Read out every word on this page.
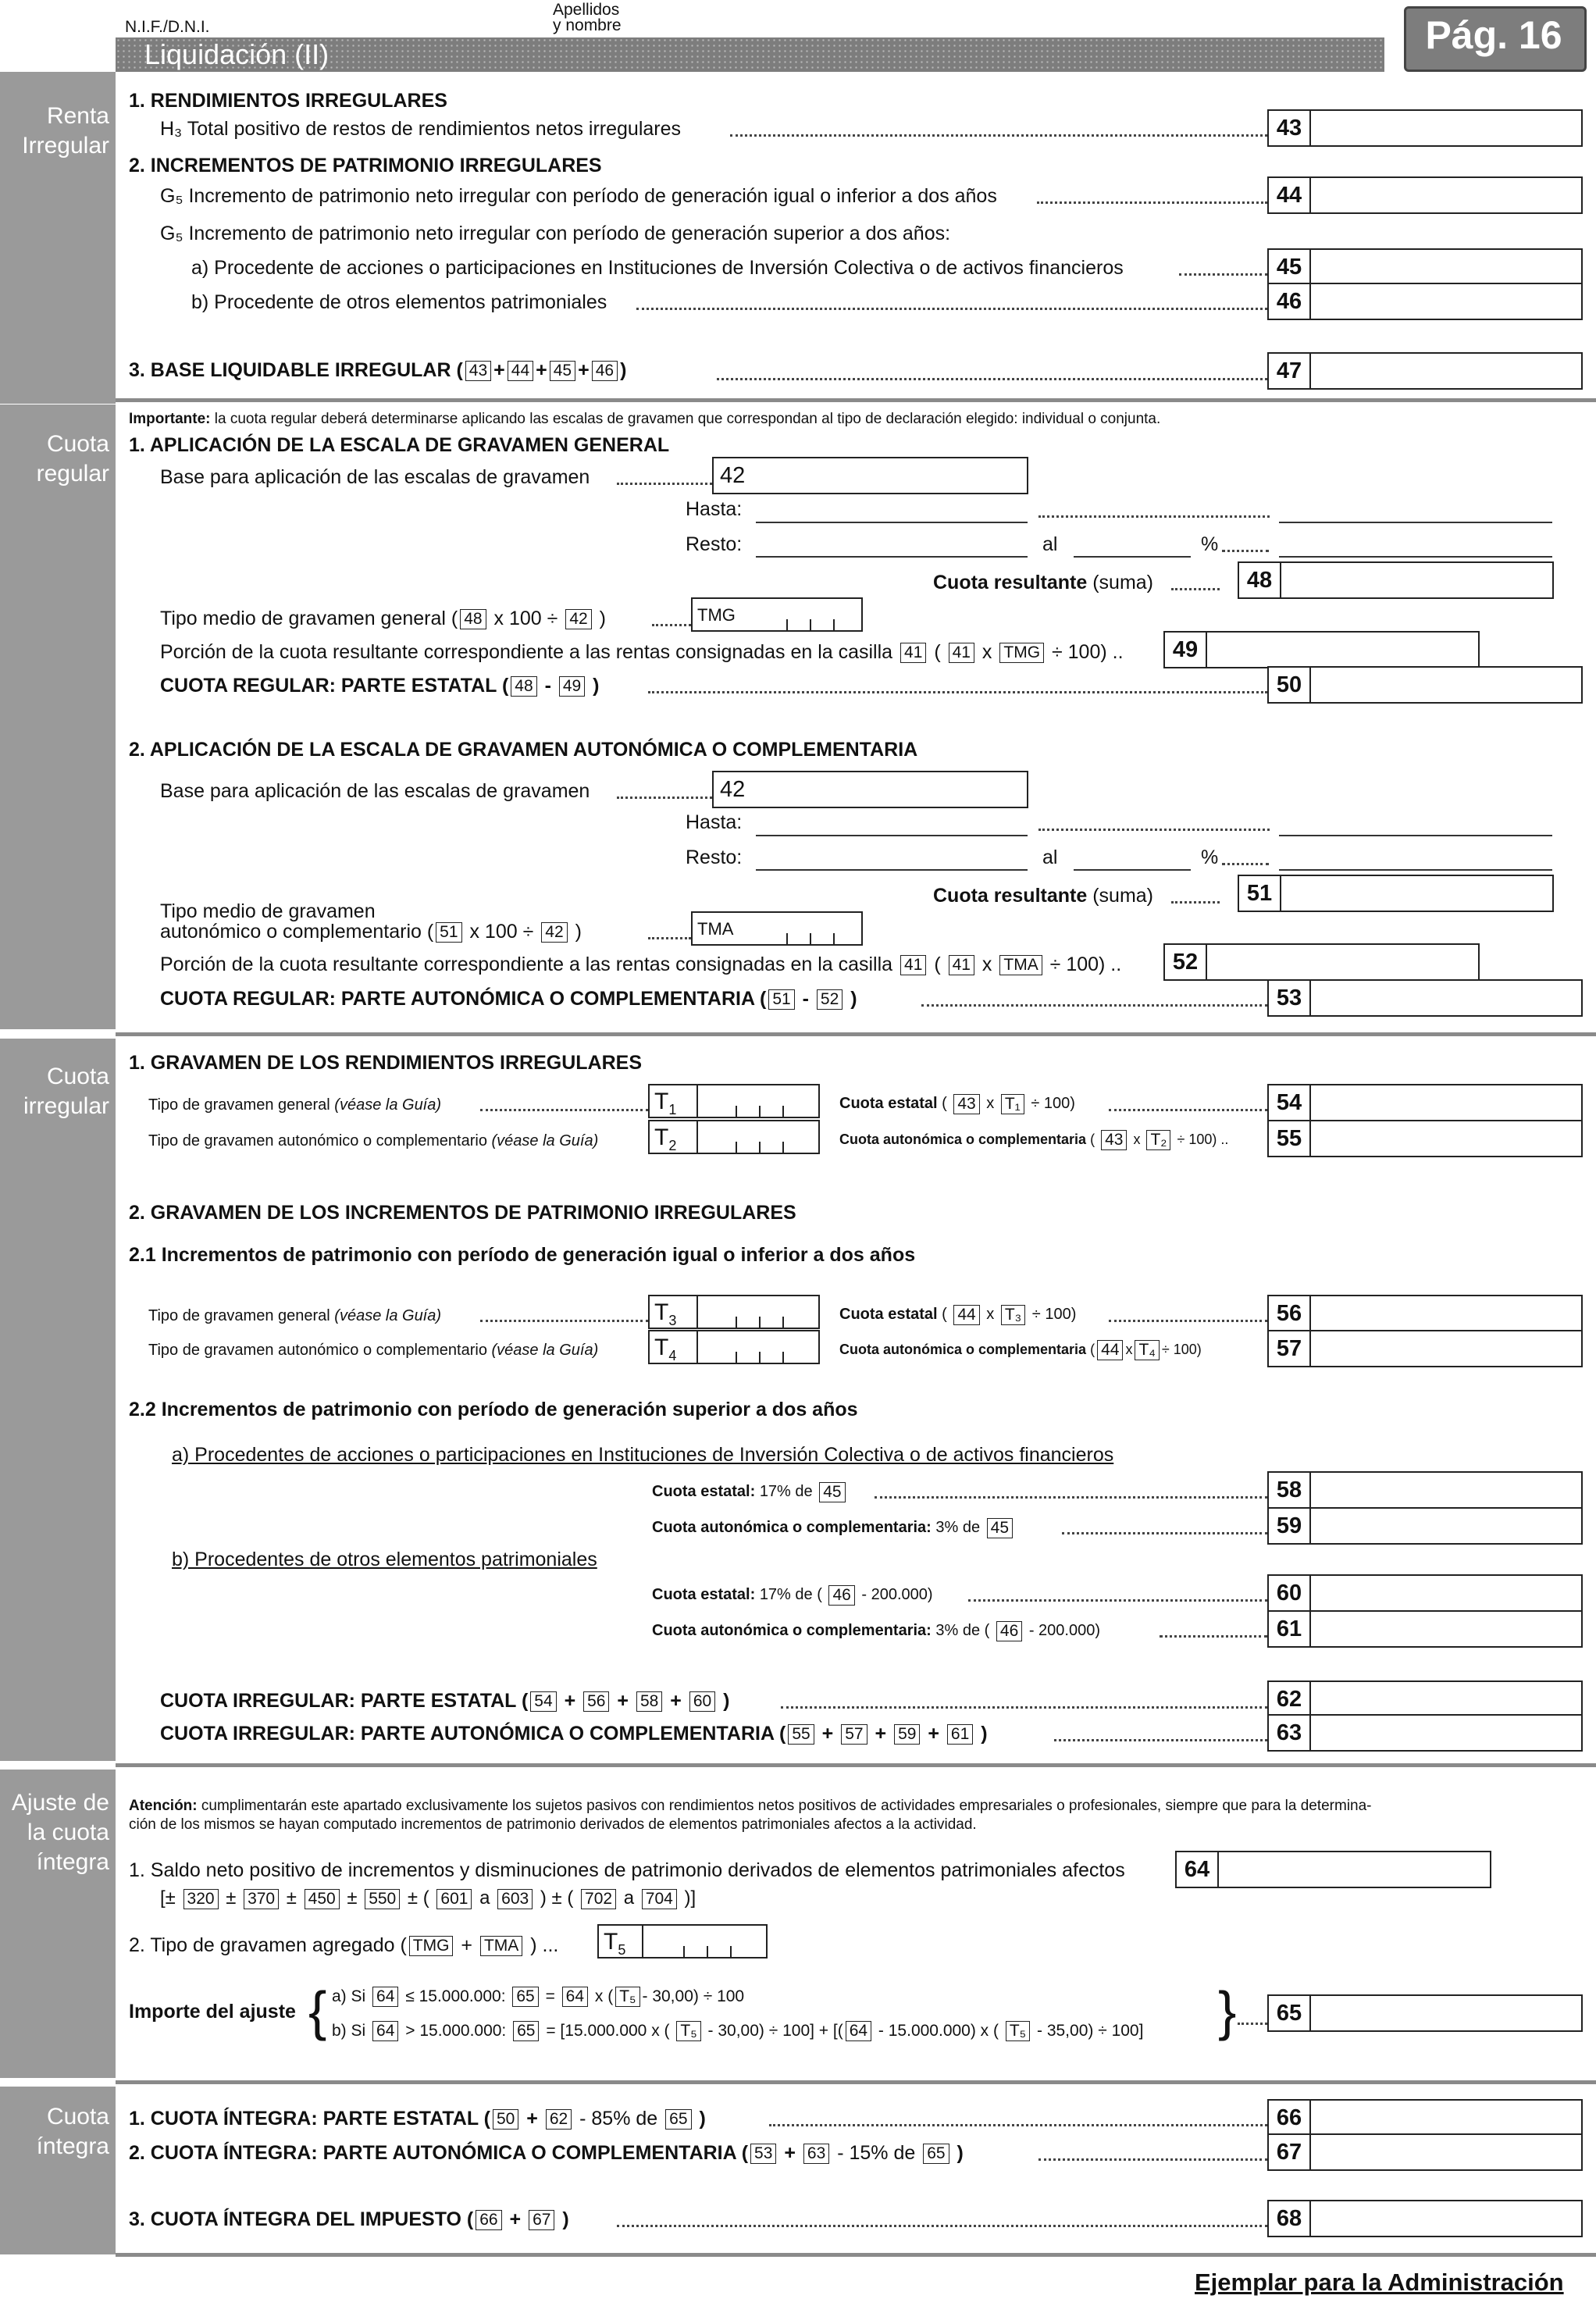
N.I.F./D.N.I.
Apellidos
y nombre
Liquidación (II)	Pág. 16
Renta Irregular
Cuota regular
Cuota irregular
Ajuste de la cuota íntegra
Cuota íntegra
1. RENDIMIENTOS IRREGULARES
H₃ Total positivo de restos de rendimientos netos irregulares	43
2. INCREMENTOS DE PATRIMONIO IRREGULARES
G₅ Incremento de patrimonio neto irregular con período de generación igual o inferior a dos años	44
G₅ Incremento de patrimonio neto irregular con período de generación superior a dos años:
a) Procedente de acciones o participaciones en Instituciones de Inversión Colectiva o de activos financieros	45
b) Procedente de otros elementos patrimoniales	46
3. BASE LIQUIDABLE IRREGULAR ( 43 + 44 + 45 + 46 )	47
Importante: la cuota regular deberá determinarse aplicando las escalas de gravamen que correspondan al tipo de declaración elegido: individual o conjunta.
1. APLICACIÓN DE LA ESCALA DE GRAVAMEN GENERAL
Base para aplicación de las escalas de gravamen	42
Hasta:
Resto:	al	%
Cuota resultante (suma)	48
Tipo medio de gravamen general ( 48 x 100 ÷ 42 )	TMG
Porción de la cuota resultante correspondiente a las rentas consignadas en la casilla 41 ( 41 x TMG ÷ 100) ..	49
CUOTA REGULAR: PARTE ESTATAL ( 48 - 49 )	50
2. APLICACIÓN DE LA ESCALA DE GRAVAMEN AUTONÓMICA O COMPLEMENTARIA
Base para aplicación de las escalas de gravamen	42
Hasta:
Resto:	al	%
Cuota resultante (suma)	51
Tipo medio de gravamen
autonómico o complementario ( 51 x 100 ÷ 42 )	TMA
Porción de la cuota resultante correspondiente a las rentas consignadas en la casilla 41 ( 41 x TMA ÷ 100) ..	52
CUOTA REGULAR: PARTE AUTONÓMICA O COMPLEMENTARIA ( 51 - 52 )	53
1. GRAVAMEN DE LOS RENDIMIENTOS IRREGULARES
Tipo de gravamen general (véase la Guía)	$T_1$	Cuota estatal ( 43 x T₁ ÷ 100)	54
Tipo de gravamen autonómico o complementario (véase la Guía) $T_2$	Cuota autonómica o complementaria ( 43 x T₂ ÷ 100) ..	55
2. GRAVAMEN DE LOS INCREMENTOS DE PATRIMONIO IRREGULARES
2.1 Incrementos de patrimonio con período de generación igual o inferior a dos años
Tipo de gravamen general (véase la Guía)	$T_3$	Cuota estatal ( 44 x T₃ ÷ 100)	56
Tipo de gravamen autonómico o complementario (véase la Guía) $T_4$	Cuota autonómica o complementaria ( 44 x T₄ ÷ 100)	57
2.2 Incrementos de patrimonio con período de generación superior a dos años
a) Procedentes de acciones o participaciones en Instituciones de Inversión Colectiva o de activos financieros
Cuota estatal: 17% de 45	58
Cuota autonómica o complementaria: 3% de 45	59
b) Procedentes de otros elementos patrimoniales
Cuota estatal: 17% de ( 46 - 200.000)	60
Cuota autonómica o complementaria: 3% de ( 46 - 200.000)	61
CUOTA IRREGULAR: PARTE ESTATAL ( 54 + 56 + 58 + 60 )	62
CUOTA IRREGULAR: PARTE AUTONÓMICA O COMPLEMENTARIA ( 55 + 57 + 59 + 61 )	63
Atención: cumplimentarán este apartado exclusivamente los sujetos pasivos con rendimientos netos positivos de actividades empresariales o profesionales, siempre que para la determina-
ción de los mismos se hayan computado incrementos de patrimonio derivados de elementos patrimoniales afectos a la actividad.
1. Saldo neto positivo de incrementos y disminuciones de patrimonio derivados de elementos patrimoniales afectos	64
[± 320 ± 370 ± 450 ± 550 ± ( 601 a 603 ) ± ( 702 a 704 )]
2. Tipo de gravamen agregado ( TMG + TMA ) ... $T_5$
Importe del ajuste { a) Si 64 ≤ 15.000.000: 65 = 64 x ( T₅ - 30,00) ÷ 100
b) Si 64 > 15.000.000: 65 = [15.000.000 x ( T₅ - 30,00) ÷ 100] + [( 64 - 15.000.000) x ( T₅ - 35,00) ÷ 100] }	65
1. CUOTA ÍNTEGRA: PARTE ESTATAL ( 50 + 62 - 85% de 65 )	66
2. CUOTA ÍNTEGRA: PARTE AUTONÓMICA O COMPLEMENTARIA ( 53 + 63 - 15% de 65 )	67
3. CUOTA ÍNTEGRA DEL IMPUESTO ( 66 + 67 )	68
Ejemplar para la Administración
